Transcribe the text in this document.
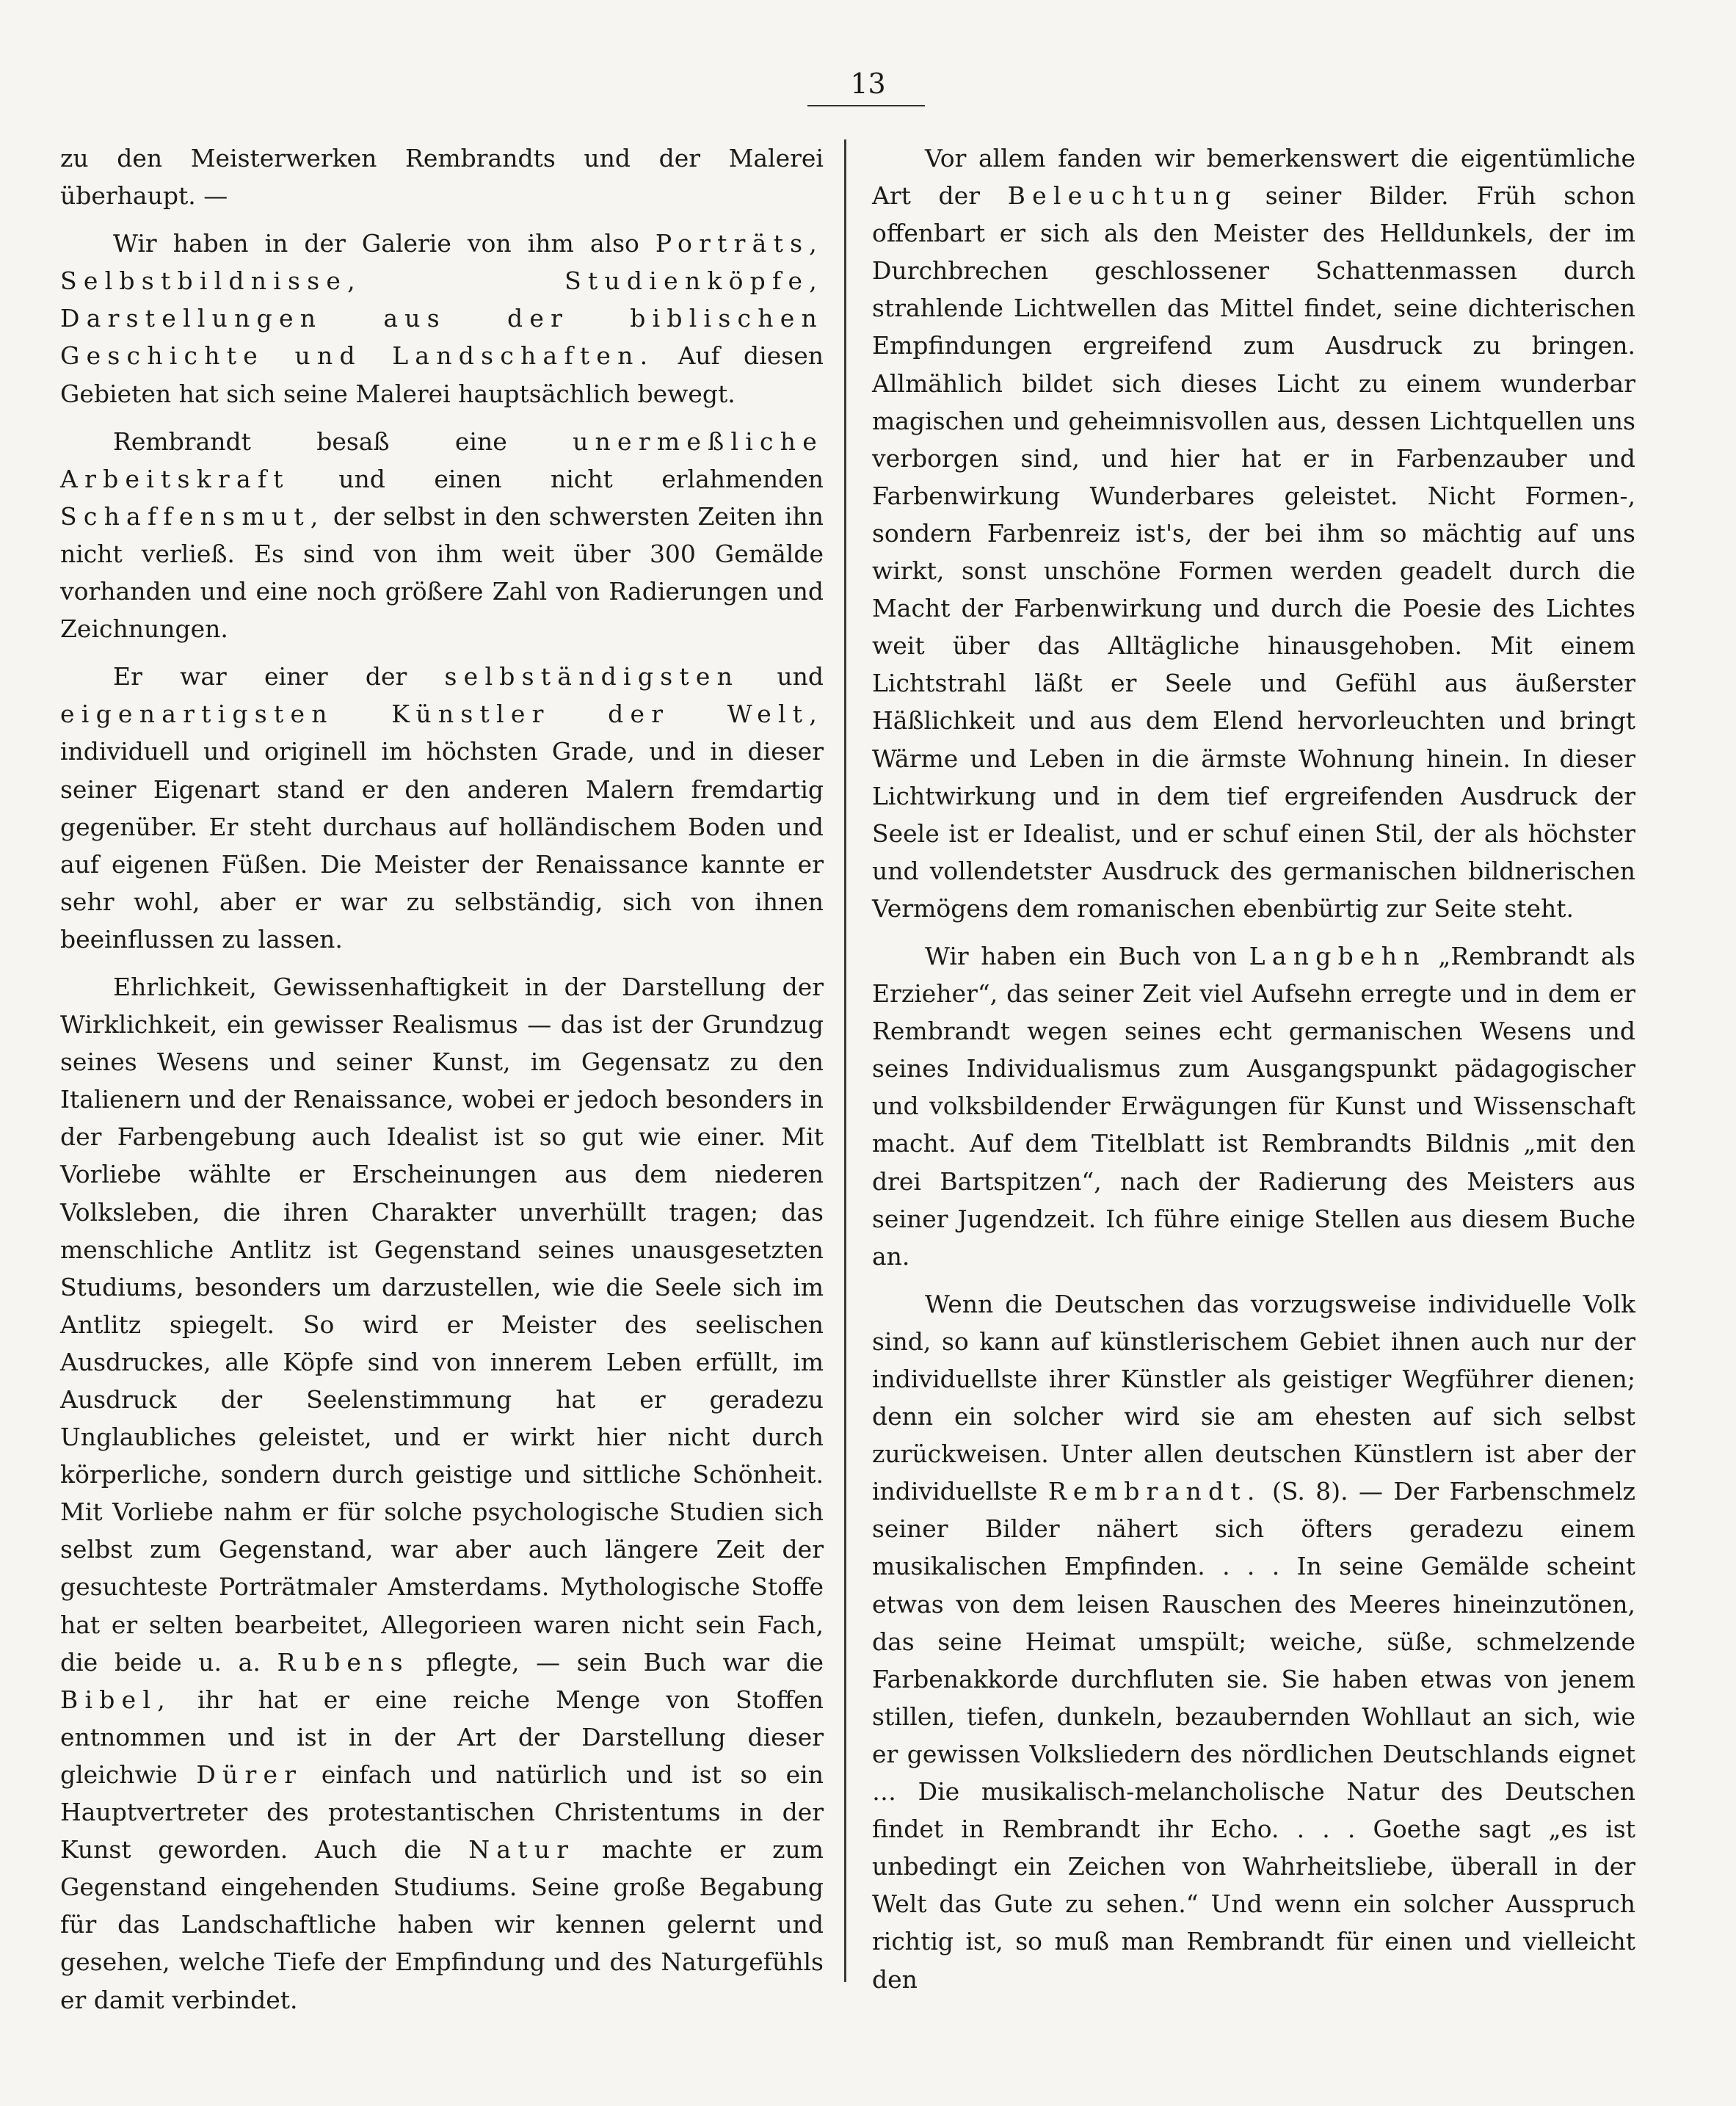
13

zu den Meisterwerken Rembrandts und der Malerei überhaupt. —

Wir haben in der Galerie von ihm also Porträts, Selbstbildnisse, Studienköpfe, Darstellungen aus der biblischen Geschichte und Landschaften. Auf diesen Gebieten hat sich seine Malerei hauptsächlich bewegt.

Rembrandt besaß eine unermeßliche Arbeitskraft und einen nicht erlahmenden Schaffensmut, der selbst in den schwersten Zeiten ihn nicht verließ. Es sind von ihm weit über 300 Gemälde vorhanden und eine noch größere Zahl von Radierungen und Zeichnungen.

Er war einer der selbständigsten und eigenartigsten Künstler der Welt, individuell und originell im höchsten Grade, und in dieser seiner Eigenart stand er den anderen Malern fremdartig gegenüber. Er steht durchaus auf holländischem Boden und auf eigenen Füßen. Die Meister der Renaissance kannte er sehr wohl, aber er war zu selbständig, sich von ihnen beeinflussen zu lassen.

Ehrlichkeit, Gewissenhaftigkeit in der Darstellung der Wirklichkeit, ein gewisser Realismus — das ist der Grundzug seines Wesens und seiner Kunst, im Gegensatz zu den Italienern und der Renaissance, wobei er jedoch besonders in der Farbengebung auch Idealist ist so gut wie einer. Mit Vorliebe wählte er Erscheinungen aus dem niederen Volksleben, die ihren Charakter unverhüllt tragen; das menschliche Antlitz ist Gegenstand seines unausgesetzten Studiums, besonders um darzustellen, wie die Seele sich im Antlitz spiegelt. So wird er Meister des seelischen Ausdruckes, alle Köpfe sind von innerem Leben erfüllt, im Ausdruck der Seelenstimmung hat er geradezu Unglaubliches geleistet, und er wirkt hier nicht durch körperliche, sondern durch geistige und sittliche Schönheit. Mit Vorliebe nahm er für solche psychologische Studien sich selbst zum Gegenstand, war aber auch längere Zeit der gesuchteste Porträtmaler Amsterdams. Mythologische Stoffe hat er selten bearbeitet, Allegorieen waren nicht sein Fach, die beide u. a. Rubens pflegte, — sein Buch war die Bibel, ihr hat er eine reiche Menge von Stoffen entnommen und ist in der Art der Darstellung dieser gleichwie Dürer einfach und natürlich und ist so ein Hauptvertreter des protestantischen Christentums in der Kunst geworden. Auch die Natur machte er zum Gegenstand eingehenden Studiums. Seine große Begabung für das Landschaftliche haben wir kennen gelernt und gesehen, welche Tiefe der Empfindung und des Naturgefühls er damit verbindet.

Vor allem fanden wir bemerkenswert die eigentümliche Art der Beleuchtung seiner Bilder. Früh schon offenbart er sich als den Meister des Helldunkels, der im Durchbrechen geschlossener Schattenmassen durch strahlende Lichtwellen das Mittel findet, seine dichterischen Empfindungen ergreifend zum Ausdruck zu bringen. Allmählich bildet sich dieses Licht zu einem wunderbar magischen und geheimnisvollen aus, dessen Lichtquellen uns verborgen sind, und hier hat er in Farbenzauber und Farbenwirkung Wunderbares geleistet. Nicht Formen-, sondern Farbenreiz ist's, der bei ihm so mächtig auf uns wirkt, sonst unschöne Formen werden geadelt durch die Macht der Farbenwirkung und durch die Poesie des Lichtes weit über das Alltägliche hinausgehoben. Mit einem Lichtstrahl läßt er Seele und Gefühl aus äußerster Häßlichkeit und aus dem Elend hervorleuchten und bringt Wärme und Leben in die ärmste Wohnung hinein. In dieser Lichtwirkung und in dem tief ergreifenden Ausdruck der Seele ist er Idealist, und er schuf einen Stil, der als höchster und vollendetster Ausdruck des germanischen bildnerischen Vermögens dem romanischen ebenbürtig zur Seite steht.

Wir haben ein Buch von Langbehn „Rembrandt als Erzieher“, das seiner Zeit viel Aufsehn erregte und in dem er Rembrandt wegen seines echt germanischen Wesens und seines Individualismus zum Ausgangspunkt pädagogischer und volksbildender Erwägungen für Kunst und Wissenschaft macht. Auf dem Titelblatt ist Rembrandts Bildnis „mit den drei Bartspitzen“, nach der Radierung des Meisters aus seiner Jugendzeit. Ich führe einige Stellen aus diesem Buche an.

Wenn die Deutschen das vorzugsweise individuelle Volk sind, so kann auf künstlerischem Gebiet ihnen auch nur der individuellste ihrer Künstler als geistiger Wegführer dienen; denn ein solcher wird sie am ehesten auf sich selbst zurückweisen. Unter allen deutschen Künstlern ist aber der individuellste Rembrandt. (S. 8). — Der Farbenschmelz seiner Bilder nähert sich öfters geradezu einem musikalischen Empfinden. . . . In seine Gemälde scheint etwas von dem leisen Rauschen des Meeres hineinzutönen, das seine Heimat umspült; weiche, süße, schmelzende Farbenakkorde durchfluten sie. Sie haben etwas von jenem stillen, tiefen, dunkeln, bezaubernden Wohllaut an sich, wie er gewissen Volksliedern des nördlichen Deutschlands eignet … Die musikalisch-melancholische Natur des Deutschen findet in Rembrandt ihr Echo. . . . Goethe sagt „es ist unbedingt ein Zeichen von Wahrheitsliebe, überall in der Welt das Gute zu sehen.“ Und wenn ein solcher Ausspruch richtig ist, so muß man Rembrandt für einen und vielleicht den
